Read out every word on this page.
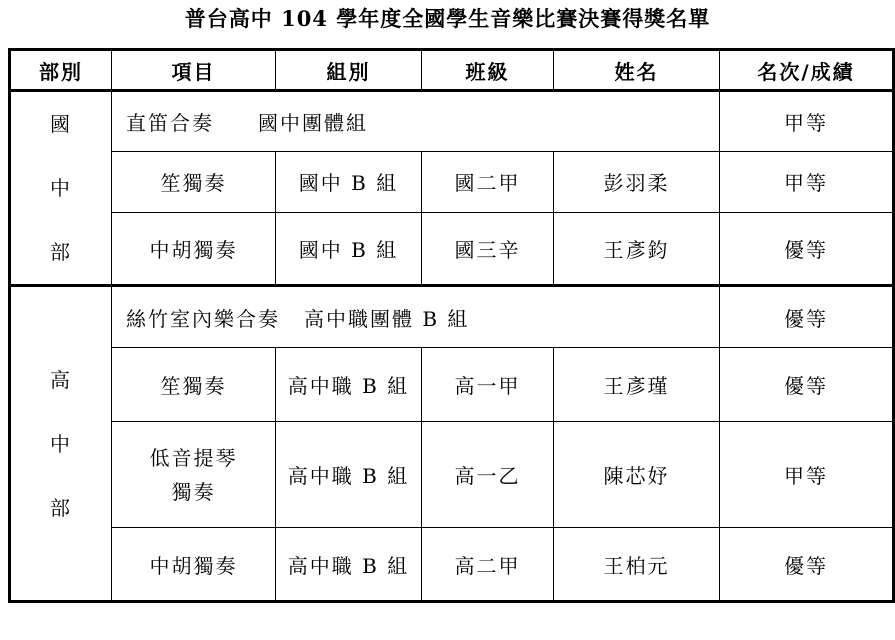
普台高中 104 學年度全國學生音樂比賽決賽得獎名單
部別	項目	組別	班級	姓名	名次/成績

國
中
部	直笛合奏 國中團體組				甲等
	笙獨奏	國中 B 組	國二甲	彭羽柔	甲等
	中胡獨奏	國中 B 組	國三辛	王彥鈞	優等

高
中
部	絲竹室內樂合奏 高中職團體 B 組				優等
	笙獨奏	高中職 B 組	高一甲	王彥瑾	優等

	低音提琴
獨奏	高中職 B 組	高一乙	陳芯妤	甲等
	中胡獨奏	高中職 B 組	高二甲	王柏元	優等
